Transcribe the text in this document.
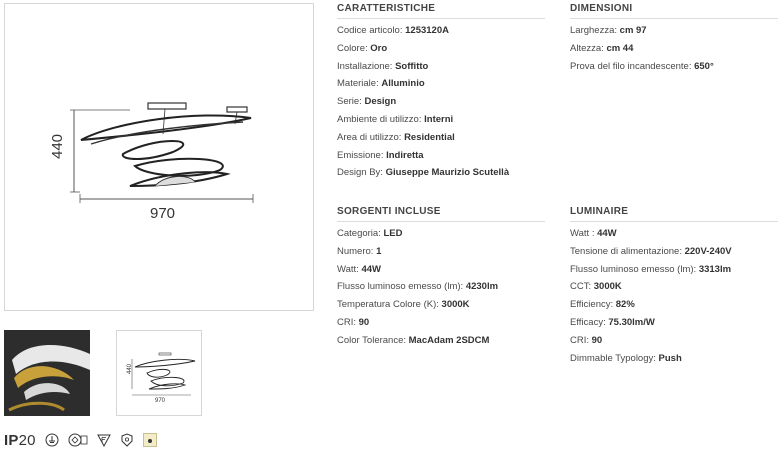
440
970
440
970
IP20
CARATTERISTICHE
Codice articolo: 1253120A
Colore: Oro
Installazione: Soffitto
Materiale: Alluminio
Serie: Design
Ambiente di utilizzo: Interni
Area di utilizzo: Residential
Emissione: Indiretta
Design By: Giuseppe Maurizio Scutellà
DIMENSIONI
Larghezza: cm 97
Altezza: cm 44
Prova del filo incandescente: 650°
SORGENTI INCLUSE
Categoria: LED
Numero: 1
Watt: 44W
Flusso luminoso emesso (lm): 4230lm
Temperatura Colore (K): 3000K
CRI: 90
Color Tolerance: MacAdam 2SDCM
LUMINAIRE
Watt : 44W
Tensione di alimentazione: 220V-240V
Flusso luminoso emesso (lm): 3313lm
CCT: 3000K
Efficiency: 82%
Efficacy: 75.30lm/W
CRI: 90
Dimmable Typology: Push
